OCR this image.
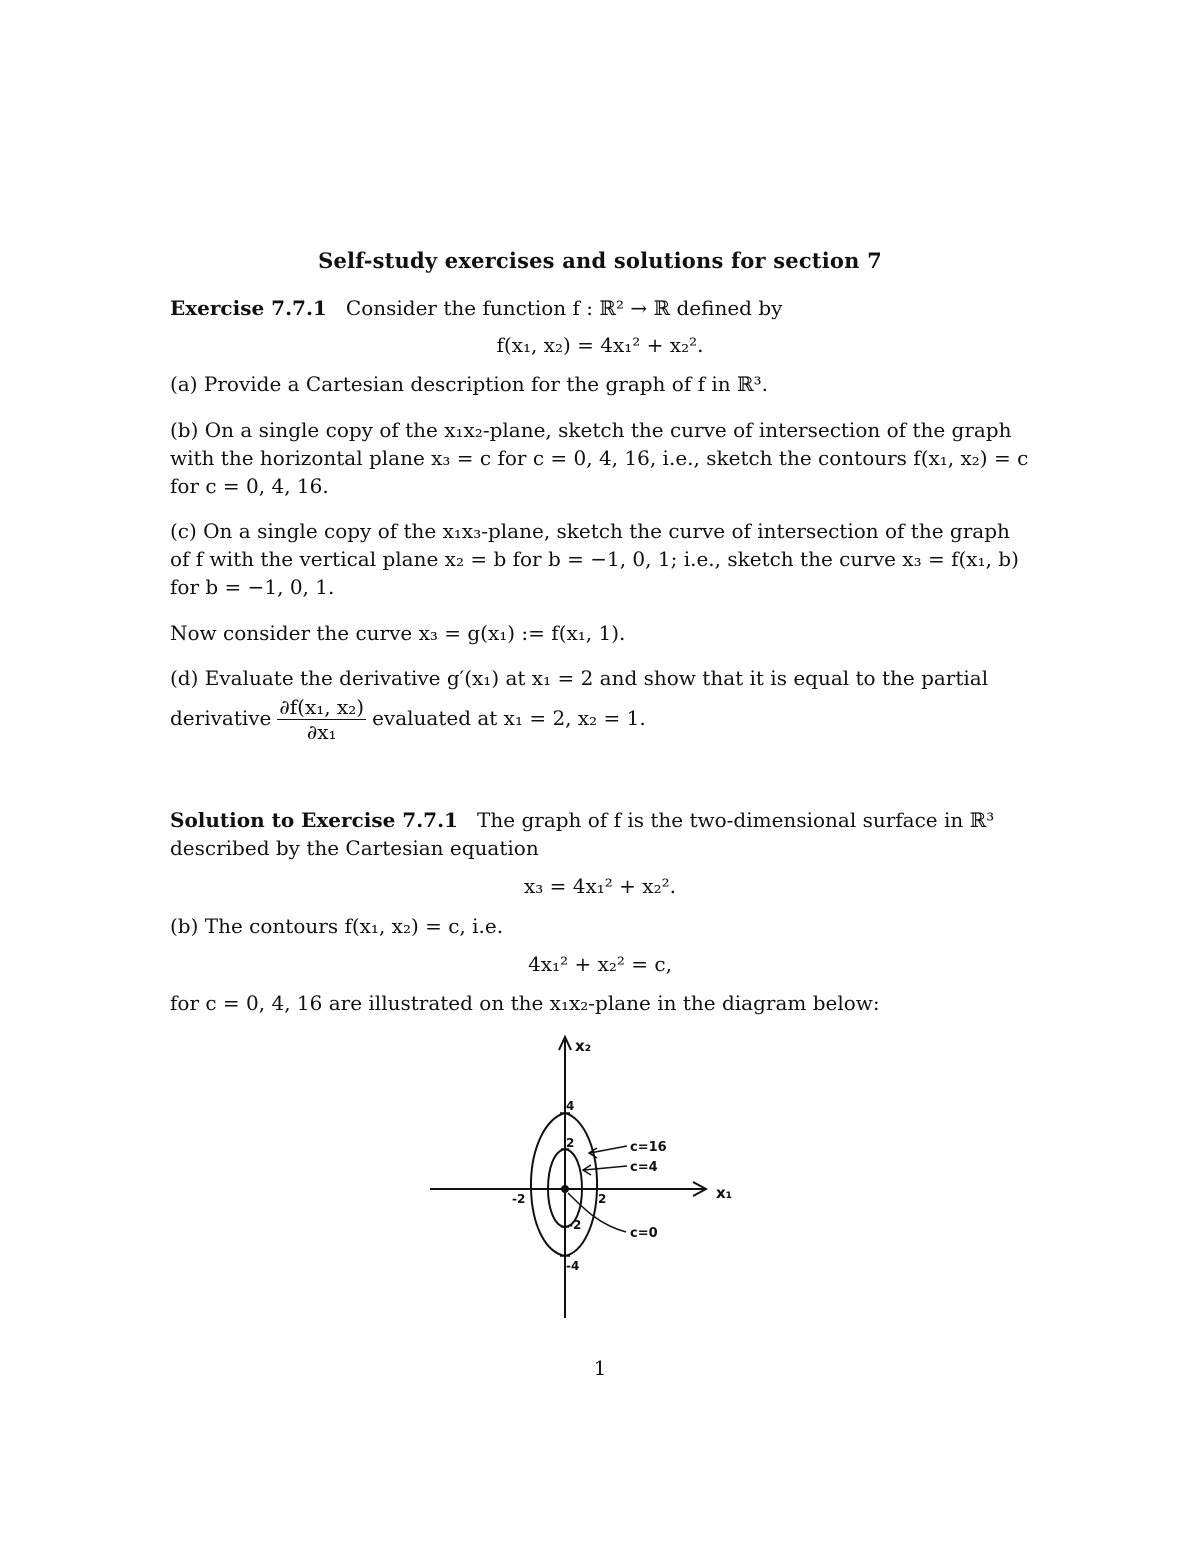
Self-study exercises and solutions for section 7
Exercise 7.7.1 Consider the function f : ℝ² → ℝ defined by
f(x₁, x₂) = 4x₁² + x₂².
(a) Provide a Cartesian description for the graph of f in ℝ³.
(b) On a single copy of the x₁x₂-plane, sketch the curve of intersection of the graph
with the horizontal plane x₃ = c for c = 0, 4, 16, i.e., sketch the contours f(x₁, x₂) = c
for c = 0, 4, 16.
(c) On a single copy of the x₁x₃-plane, sketch the curve of intersection of the graph
of f with the vertical plane x₂ = b for b = −1, 0, 1; i.e., sketch the curve x₃ = f(x₁, b)
for b = −1, 0, 1.
Now consider the curve x₃ = g(x₁) := f(x₁, 1).
(d) Evaluate the derivative g′(x₁) at x₁ = 2 and show that it is equal to the partial
derivative $\frac{\text{∂f(x₁, x₂)}}{\text{∂x₁}}$ evaluated at x₁ = 2, x₂ = 1.
Solution to Exercise 7.7.1 The graph of f is the two-dimensional surface in ℝ³
described by the Cartesian equation
x₃ = 4x₁² + x₂².
(b) The contours f(x₁, x₂) = c, i.e.
4x₁² + x₂² = c,
for c = 0, 4, 16 are illustrated on the x₁x₂-plane in the diagram below:
x₂
x₁
4
2
-2
-4
-2	2
c=16
c=4
c=0
1
